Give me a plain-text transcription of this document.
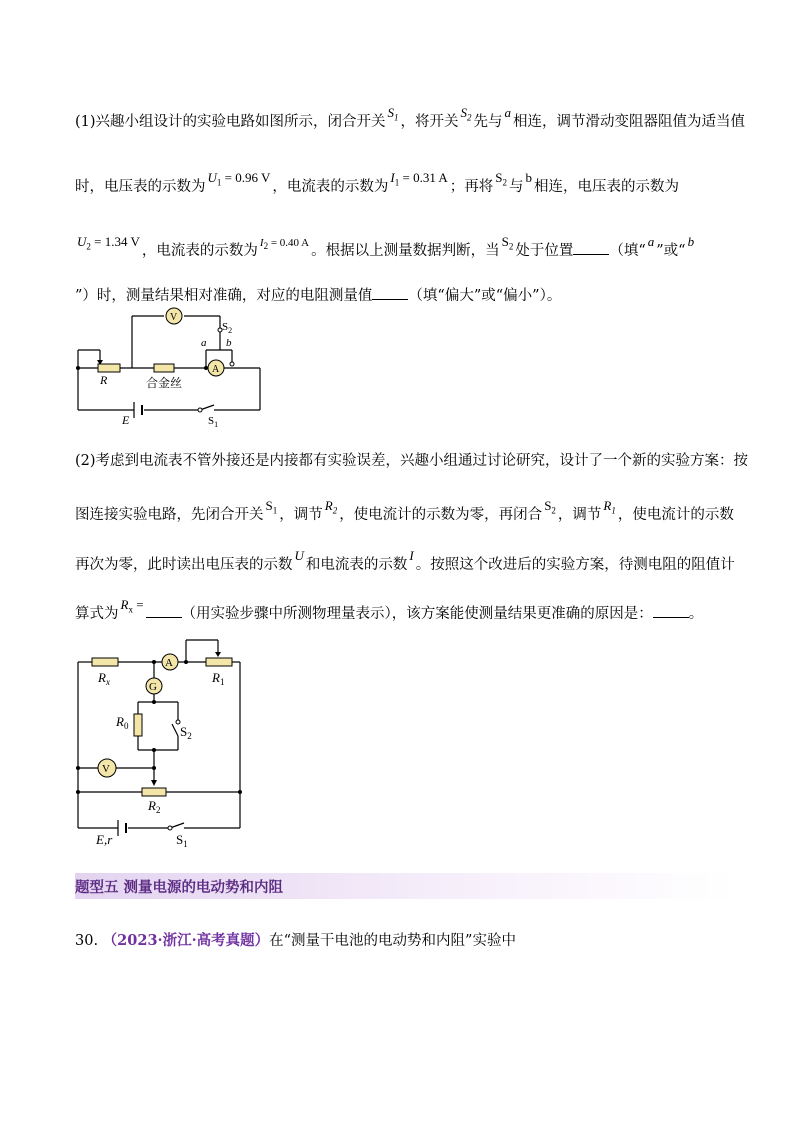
(1)兴趣小组设计的实验电路如图所示，闭合开关$S_1$ ，将开关$S_2$ 先与a相连，调节滑动变阻器阻值为适当值
时，电压表的示数为$U_1 = 0.96$ V，电流表的示数为$I_1 = 0.31$ A；再将$S_2$ 与b相连，电压表的示数为
$U_2 = 1.34$ V，电流表的示数为 $^{I_2 = 0.40 A}$ 。根据以上测量数据判断，当$S_2$ 处于位置 （填“a”或“b
”）时，测量结果相对准确，对应的电阻测量值 （填“偏大”或“偏小”）。
V
A
$S_2$
a b
R	合金丝
E	$S_1$
(2)考虑到电流表不管外接还是内接都有实验误差，兴趣小组通过讨论研究，设计了一个新的实验方案：按
图连接实验电路，先闭合开关$S_1$ ，调节$R_2$ ，使电流计的示数为零，再闭合$S_2$ ，调节$R_1$ ，使电流计的示数
再次为零，此时读出电压表的示数U和电流表的示数I。按照这个改进后的实验方案，待测电阻的阻值计
算式为$R_x$ =（用实验步骤中所测物理量表示），该方案能使测量结果更准确的原因是： 。
A
G
V
$R_x$	$R_1$
$R_0$	$S_2$
$R_2$
E,r	$S_1$
题型五 测量电源的电动势和内阻
30. （2023·浙江·高考真题）在“测量干电池的电动势和内阻”实验中
